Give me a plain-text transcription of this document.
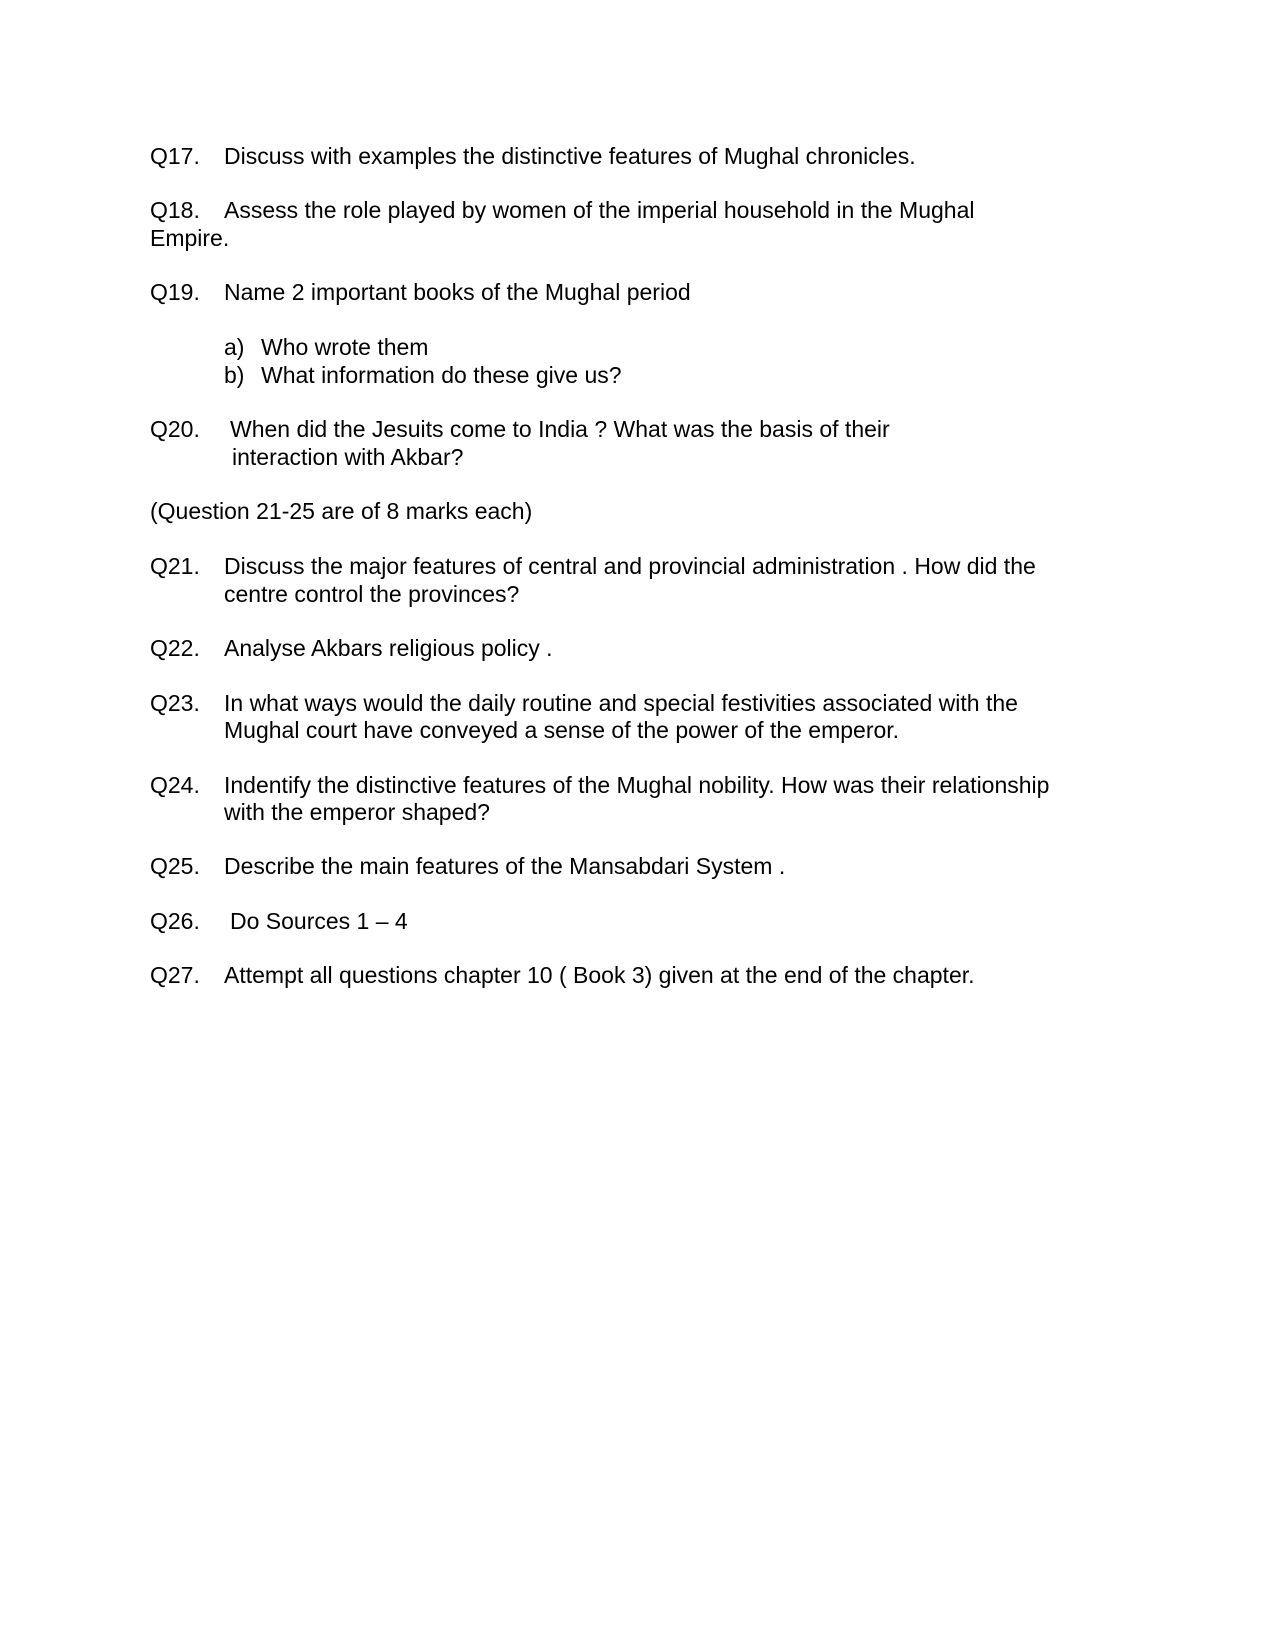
Q17. Discuss with examples the distinctive features of Mughal chronicles.
Q18. Assess the role played by women of the imperial household in the Mughal
Empire.
Q19. Name 2 important books of the Mughal period
a) Who wrote them
b) What information do these give us?
Q20. When did the Jesuits come to India ? What was the basis of their
interaction with Akbar?
(Question 21-25 are of 8 marks each)
Q21. Discuss the major features of central and provincial administration . How did the
centre control the provinces?
Q22. Analyse Akbars religious policy .
Q23. In what ways would the daily routine and special festivities associated with the
Mughal court have conveyed a sense of the power of the emperor.
Q24. Indentify the distinctive features of the Mughal nobility. How was their relationship
with the emperor shaped?
Q25. Describe the main features of the Mansabdari System .
Q26. Do Sources 1 – 4
Q27. Attempt all questions chapter 10 ( Book 3) given at the end of the chapter.
